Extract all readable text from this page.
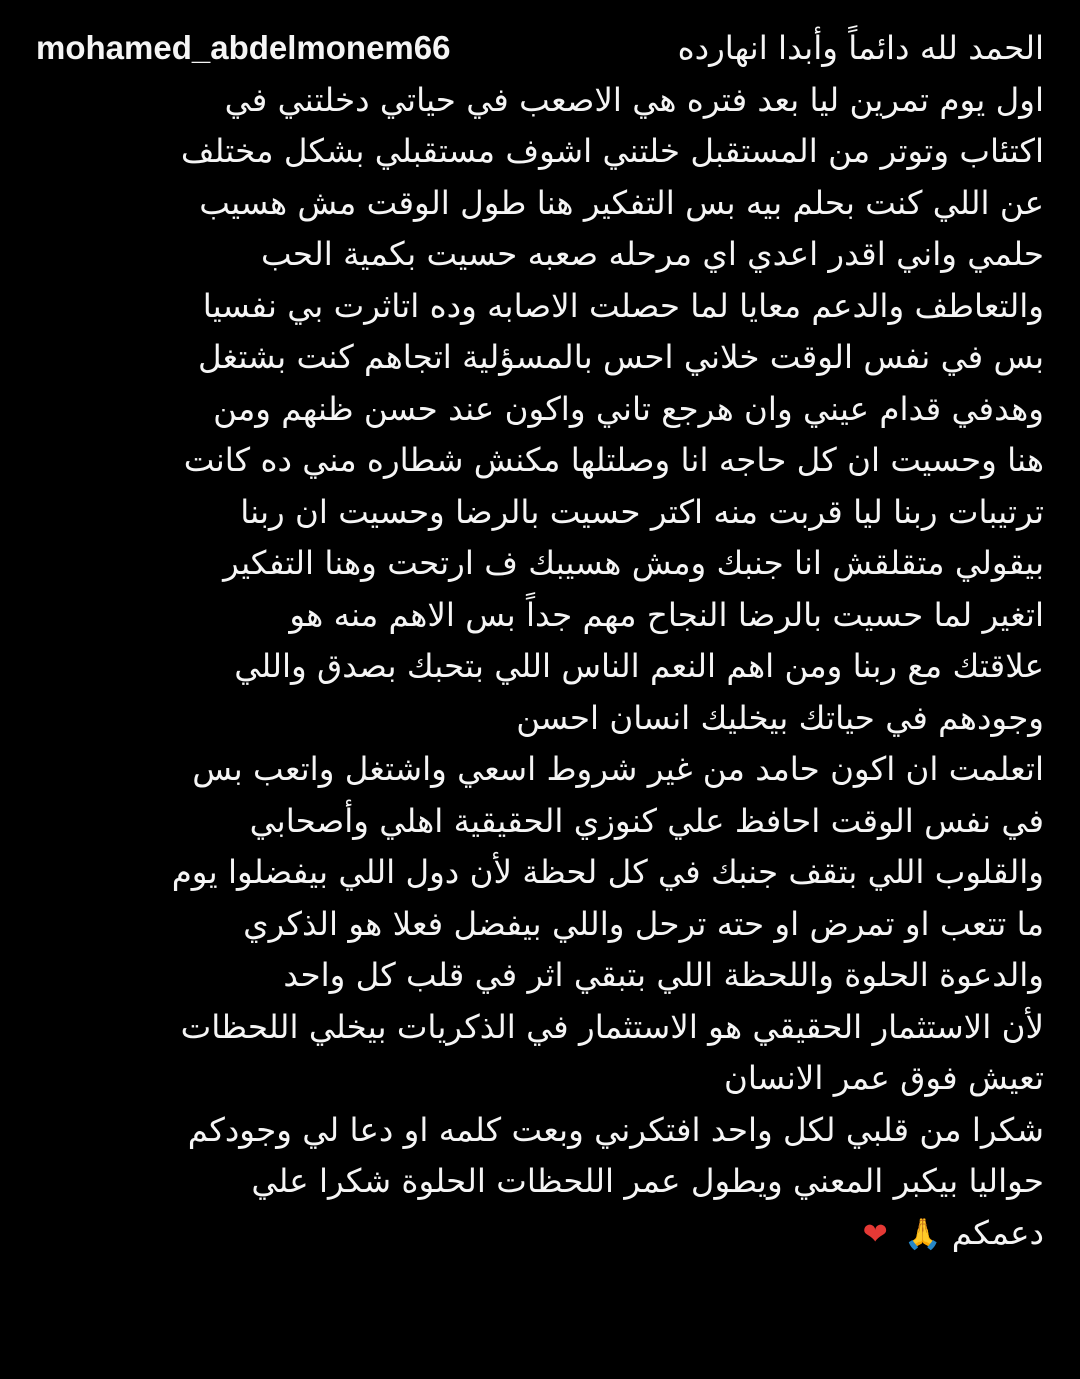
mohamed_abdelmonem66	الحمد لله دائماً وأبدا انهارده
اول يوم تمرين ليا بعد فتره هي الاصعب في حياتي دخلتني في
اكتئاب وتوتر من المستقبل خلتني اشوف مستقبلي بشكل مختلف
عن اللي كنت بحلم بيه بس التفكير هنا طول الوقت مش هسيب
حلمي واني اقدر اعدي اي مرحله صعبه حسيت بكمية الحب
والتعاطف والدعم معايا لما حصلت الاصابه وده اتاثرت بي نفسيا
بس في نفس الوقت خلاني احس بالمسؤلية اتجاهم كنت بشتغل
وهدفي قدام عيني وان هرجع تاني واكون عند حسن ظنهم ومن
هنا وحسيت ان كل حاجه انا وصلتلها مكنش شطاره مني ده كانت
ترتيبات ربنا ليا قربت منه اكتر حسيت بالرضا وحسيت ان ربنا
بيقولي متقلقش انا جنبك ومش هسيبك ف ارتحت وهنا التفكير
اتغير لما حسيت بالرضا النجاح مهم جداً بس الاهم منه هو
علاقتك مع ربنا ومن اهم النعم الناس اللي بتحبك بصدق واللي
وجودهم في حياتك بيخليك انسان احسن
اتعلمت ان اكون حامد من غير شروط اسعي واشتغل واتعب بس
في نفس الوقت احافظ علي كنوزي الحقيقية اهلي وأصحابي
والقلوب اللي بتقف جنبك في كل لحظة لأن دول اللي بيفضلوا يوم
ما تتعب او تمرض او حته ترحل واللي بيفضل فعلا هو الذكري
والدعوة الحلوة واللحظة اللي بتبقي اثر في قلب كل واحد
لأن الاستثمار الحقيقي هو الاستثمار في الذكريات بيخلي اللحظات
تعيش فوق عمر الانسان
شكرا من قلبي لكل واحد افتكرني وبعت كلمه او دعا لي وجودكم
حواليا بيكبر المعني ويطول عمر اللحظات الحلوة شكرا علي
دعمكم 🙏 ❤
